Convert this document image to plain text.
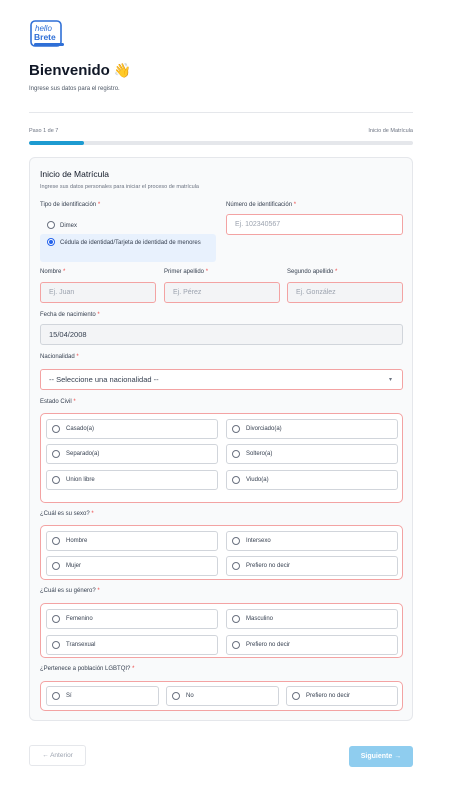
hello
Brete
Bienvenido 👋
Ingrese sus datos para el registro.
Paso 1 de 7	Inicio de Matrícula
Inicio de Matrícula
Ingrese sus datos personales para iniciar el proceso de matrícula
Tipo de identificación *
Dimex
Cédula de identidad/Tarjeta de identidad de menores
Número de identificación *
Ej. 102340567
Nombre *
Ej. Juan
Primer apellido *
Ej. Pérez
Segundo apellido *
Ej. González
Fecha de nacimiento *
15/04/2008
Nacionalidad *
-- Seleccione una nacionalidad --	▾
Estado Civil *
Casado(a)	Divorciado(a)
Separado(a)	Soltero(a)
Union libre	Viudo(a)
¿Cuál es su sexo? *
Hombre	Intersexo
Mujer	Prefiero no decir
¿Cuál es su género? *
Femenino	Masculino
Transexual	Prefiero no decir
¿Pertenece a población LGBTQI? *
Sí	No	Prefiero no decir
← Anterior	Siguiente →
